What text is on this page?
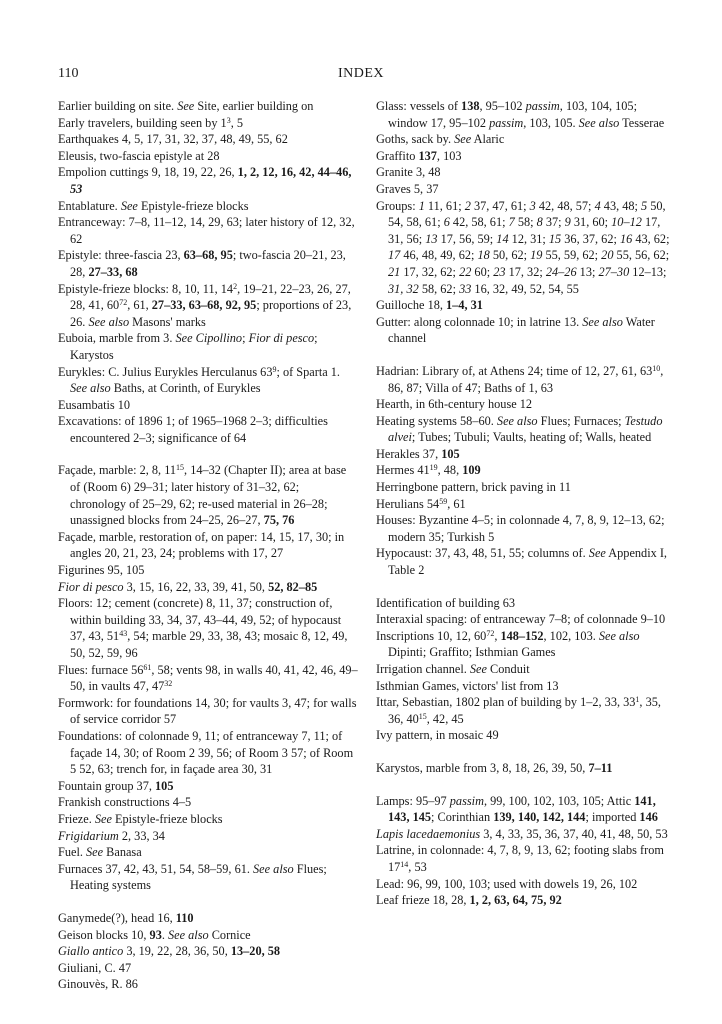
110	INDEX
Earlier building on site. See Site, earlier building on
Early travelers, building seen by $1^3$, 5
Earthquakes 4, 5, 17, 31, 32, 37, 48, 49, 55, 62
Eleusis, two-fascia epistyle at 28
Empolion cuttings 9, 18, 19, 22, 26, 1, 2, 12, 16, 42, 44–46, 53
Entablature. See Epistyle-frieze blocks
Entranceway: 7–8, 11–12, 14, 29, 63; later history of 12, 32, 62
Epistyle: three-fascia 23, 63–68, 95; two-fascia 20–21, 23, 28, 27–33, 68
Epistyle-frieze blocks: 8, 10, 11, $14^2$, 19–21, 22–23, 26, 27, 28, 41, $60^{72}$, 61, 27–33, 63–68, 92, 95; proportions of 23, 26. See also Masons' marks
Euboia, marble from 3. See Cipollino; Fior di pesco; Karystos
Eurykles: C. Julius Eurykles Herculanus $63^9$; of Sparta 1. See also Baths, at Corinth, of Eurykles
Eusambatis 10
Excavations: of 1896 1; of 1965–1968 2–3; difficulties encountered 2–3; significance of 64
Façade, marble: 2, 8, $11^{15}$, 14–32 (Chapter II); area at base of (Room 6) 29–31; later history of 31–32, 62; chronology of 25–29, 62; re-used material in 26–28; unassigned blocks from 24–25, 26–27, 75, 76
Façade, marble, restoration of, on paper: 14, 15, 17, 30; in angles 20, 21, 23, 24; problems with 17, 27
Figurines 95, 105
Fior di pesco 3, 15, 16, 22, 33, 39, 41, 50, 52, 82–85
Floors: 12; cement (concrete) 8, 11, 37; construction of, within building 33, 34, 37, 43–44, 49, 52; of hypocaust 37, 43, $51^{43}$, 54; marble 29, 33, 38, 43; mosaic 8, 12, 49, 50, 52, 59, 96
Flues: furnace $56^{61}$, 58; vents 98, in walls 40, 41, 42, 46, 49–50, in vaults 47, $47^{32}$
Formwork: for foundations 14, 30; for vaults 3, 47; for walls of service corridor 57
Foundations: of colonnade 9, 11; of entranceway 7, 11; of façade 14, 30; of Room 2 39, 56; of Room 3 57; of Room 5 52, 63; trench for, in façade area 30, 31
Fountain group 37, 105
Frankish constructions 4–5
Frieze. See Epistyle-frieze blocks
Frigidarium 2, 33, 34
Fuel. See Banasa
Furnaces 37, 42, 43, 51, 54, 58–59, 61. See also Flues; Heating systems
Ganymede(?), head 16, 110
Geison blocks 10, 93. See also Cornice
Giallo antico 3, 19, 22, 28, 36, 50, 13–20, 58
Giuliani, C. 47
Ginouvès, R. 86
Glass: vessels of 138, 95–102 passim, 103, 104, 105; window 17, 95–102 passim, 103, 105. See also Tesserae
Goths, sack by. See Alaric
Graffito 137, 103
Granite 3, 48
Graves 5, 37
Groups: 1 11, 61; 2 37, 47, 61; 3 42, 48, 57; 4 43, 48; 5 50, 54, 58, 61; 6 42, 58, 61; 7 58; 8 37; 9 31, 60; 10–12 17, 31, 56; 13 17, 56, 59; 14 12, 31; 15 36, 37, 62; 16 43, 62; 17 46, 48, 49, 62; 18 50, 62; 19 55, 59, 62; 20 55, 56, 62; 21 17, 32, 62; 22 60; 23 17, 32; 24–26 13; 27–30 12–13; 31, 32 58, 62; 33 16, 32, 49, 52, 54, 55
Guilloche 18, 1–4, 31
Gutter: along colonnade 10; in latrine 13. See also Water channel
Hadrian: Library of, at Athens 24; time of 12, 27, 61, $63^{10}$, 86, 87; Villa of 47; Baths of 1, 63
Hearth, in 6th-century house 12
Heating systems 58–60. See also Flues; Furnaces; Testudo alvei; Tubes; Tubuli; Vaults, heating of; Walls, heated
Herakles 37, 105
Hermes $41^{19}$, 48, 109
Herringbone pattern, brick paving in 11
Herulians $54^{59}$, 61
Houses: Byzantine 4–5; in colonnade 4, 7, 8, 9, 12–13, 62; modern 35; Turkish 5
Hypocaust: 37, 43, 48, 51, 55; columns of. See Appendix I, Table 2
Identification of building 63
Interaxial spacing: of entranceway 7–8; of colonnade 9–10
Inscriptions 10, 12, $60^{72}$, 148–152, 102, 103. See also Dipinti; Graffito; Isthmian Games
Irrigation channel. See Conduit
Isthmian Games, victors' list from 13
Ittar, Sebastian, 1802 plan of building by 1–2, 33, $33^1$, 35, 36, $40^{15}$, 42, 45
Ivy pattern, in mosaic 49
Karystos, marble from 3, 8, 18, 26, 39, 50, 7–11
Lamps: 95–97 passim, 99, 100, 102, 103, 105; Attic 141, 143, 145; Corinthian 139, 140, 142, 144; imported 146
Lapis lacedaemonius 3, 4, 33, 35, 36, 37, 40, 41, 48, 50, 53
Latrine, in colonnade: 4, 7, 8, 9, 13, 62; footing slabs from $17^{14}$, 53
Lead: 96, 99, 100, 103; used with dowels 19, 26, 102
Leaf frieze 18, 28, 1, 2, 63, 64, 75, 92
